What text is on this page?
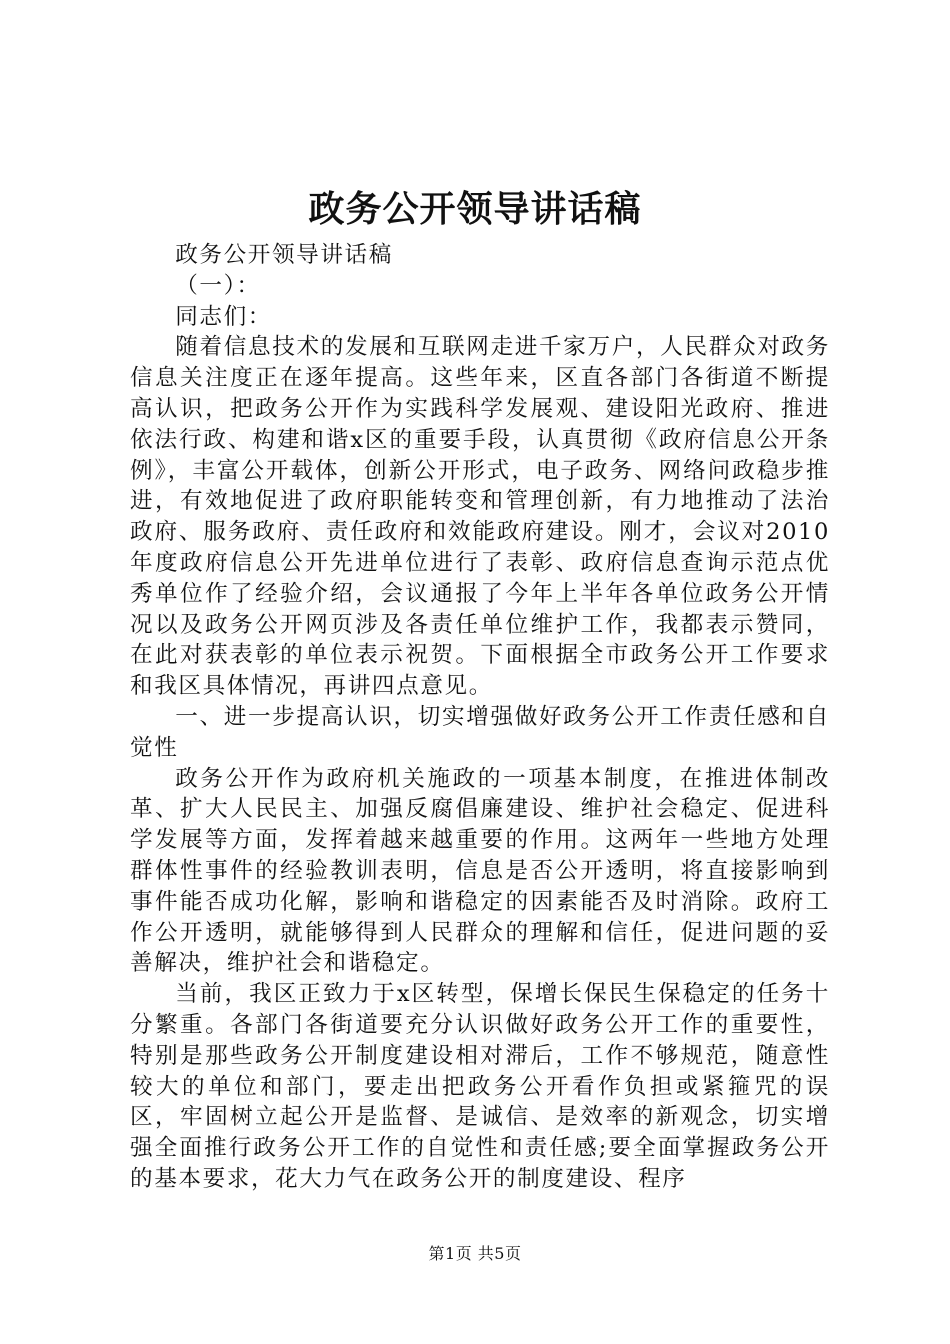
政务公开领导讲话稿

政务公开领导讲话稿

（一）：

同志们：

随着信息技术的发展和互联网走进千家万户，人民群众对政务信息关注度正在逐年提高。这些年来，区直各部门各街道不断提高认识，把政务公开作为实践科学发展观、建设阳光政府、推进依法行政、构建和谐x区的重要手段，认真贯彻《政府信息公开条例》，丰富公开载体，创新公开形式，电子政务、网络问政稳步推进，有效地促进了政府职能转变和管理创新，有力地推动了法治政府、服务政府、责任政府和效能政府建设。刚才，会议对2010年度政府信息公开先进单位进行了表彰、政府信息查询示范点优秀单位作了经验介绍，会议通报了今年上半年各单位政务公开情况以及政务公开网页涉及各责任单位维护工作，我都表示赞同，在此对获表彰的单位表示祝贺。下面根据全市政务公开工作要求和我区具体情况，再讲四点意见。

一、进一步提高认识，切实增强做好政务公开工作责任感和自觉性

政务公开作为政府机关施政的一项基本制度，在推进体制改革、扩大人民民主、加强反腐倡廉建设、维护社会稳定、促进科学发展等方面，发挥着越来越重要的作用。这两年一些地方处理群体性事件的经验教训表明，信息是否公开透明，将直接影响到事件能否成功化解，影响和谐稳定的因素能否及时消除。政府工作公开透明，就能够得到人民群众的理解和信任，促进问题的妥善解决，维护社会和谐稳定。

当前，我区正致力于x区转型，保增长保民生保稳定的任务十分繁重。各部门各街道要充分认识做好政务公开工作的重要性，特别是那些政务公开制度建设相对滞后，工作不够规范，随意性较大的单位和部门，要走出把政务公开看作负担或紧箍咒的误区，牢固树立起公开是监督、是诚信、是效率的新观念，切实增强全面推行政务公开工作的自觉性和责任感;要全面掌握政务公开的基本要求，花大力气在政务公开的制度建设、程序

第1页 共5页
